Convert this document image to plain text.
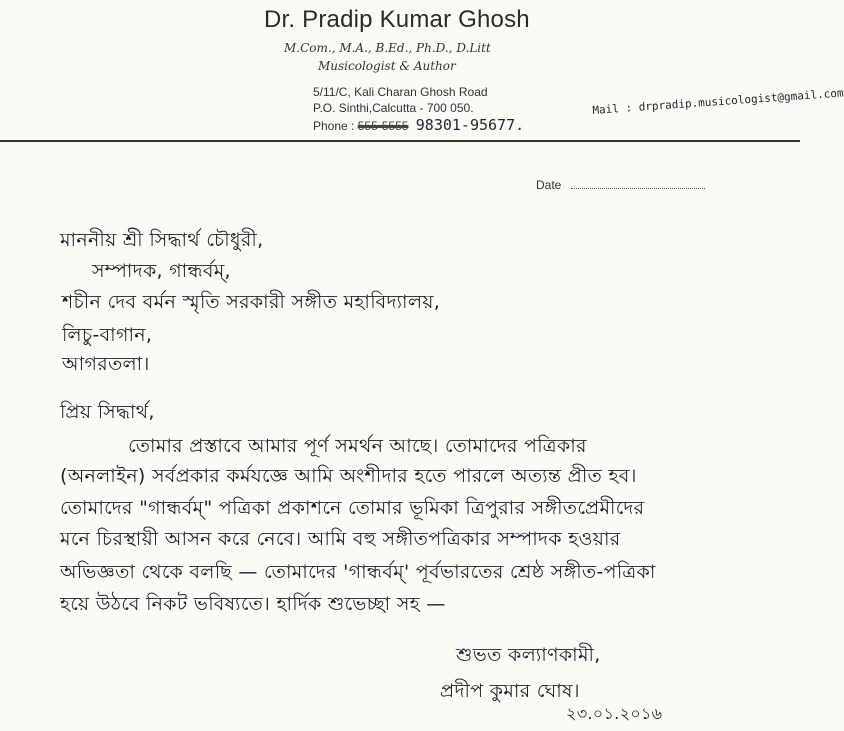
Dr. Pradip Kumar Ghosh
M.Com., M.A., B.Ed., Ph.D., D.Litt
Musicologist & Author
5/11/C, Kali Charan Ghosh Road
P.O. Sinthi,Calcutta - 700 050.
Phone : 555-5555 98301-95677.
Mail : drpradip.musicologist@gmail.com
Date
মাননীয় শ্রী সিদ্ধার্থ চৌধুরী,
সম্পাদক, গান্ধর্বম্,
শচীন দেব বর্মন স্মৃতি সরকারী সঙ্গীত মহাবিদ্যালয়,
লিচু-বাগান,
আগরতলা।
প্রিয় সিদ্ধার্থ,
তোমার প্রস্তাবে আমার পূর্ণ সমর্থন আছে। তোমাদের পত্রিকার
(অনলাইন) সর্বপ্রকার কর্মযজ্ঞে আমি অংশীদার হতে পারলে অত্যন্ত প্রীত হব।
তোমাদের "গান্ধর্বম্" পত্রিকা প্রকাশনে তোমার ভূমিকা ত্রিপুরার সঙ্গীতপ্রেমীদের
মনে চিরস্থায়ী আসন করে নেবে। আমি বহু সঙ্গীতপত্রিকার সম্পাদক হওয়ার
অভিজ্ঞতা থেকে বলছি — তোমাদের 'গান্ধর্বম্' পূর্বভারতের শ্রেষ্ঠ সঙ্গীত-পত্রিকা
হয়ে উঠবে নিকট ভবিষ্যতে। হার্দিক শুভেচ্ছা সহ —
শুভত কল্যাণকামী,
প্রদীপ কুমার ঘোষ।
২৩.০১.২০১৬
